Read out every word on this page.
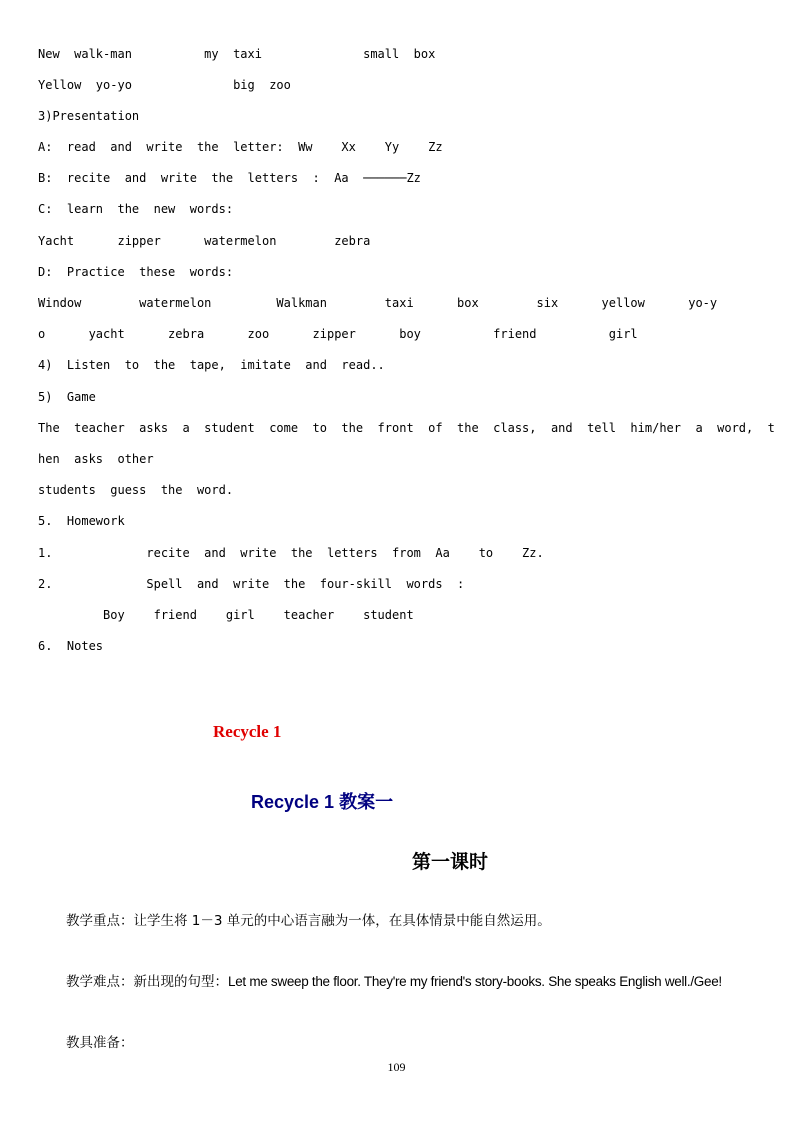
New  walk-man          my  taxi              small  box
Yellow  yo-yo              big  zoo
3)Presentation
A:  read  and  write  the  letter:  Ww    Xx    Yy    Zz
B:  recite  and  write  the  letters  :  Aa  ──────Zz
C:  learn  the  new  words:
Yacht      zipper      watermelon        zebra
D:  Practice  these  words:
Window        watermelon         Walkman        taxi      box        six      yellow      yo-y
o      yacht      zebra      zoo      zipper      boy          friend          girl
4)  Listen  to  the  tape,  imitate  and  read..
5)  Game
The  teacher  asks  a  student  come  to  the  front  of  the  class,  and  tell  him/her  a  word,  t
hen  asks  other
students  guess  the  word.
5.  Homework
1.             recite  and  write  the  letters  from  Aa    to    Zz.
2.             Spell  and  write  the  four-skill  words  :
Boy    friend    girl    teacher    student
6.  Notes
Recycle 1
Recycle 1 教案一
第一课时
教学重点：让学生将 1－3 单元的中心语言融为一体，在具体情景中能自然运用。
教学难点：新出现的句型：Let me sweep the floor. They're my friend's story-books. She speaks English well./Gee!
教具准备：
109
